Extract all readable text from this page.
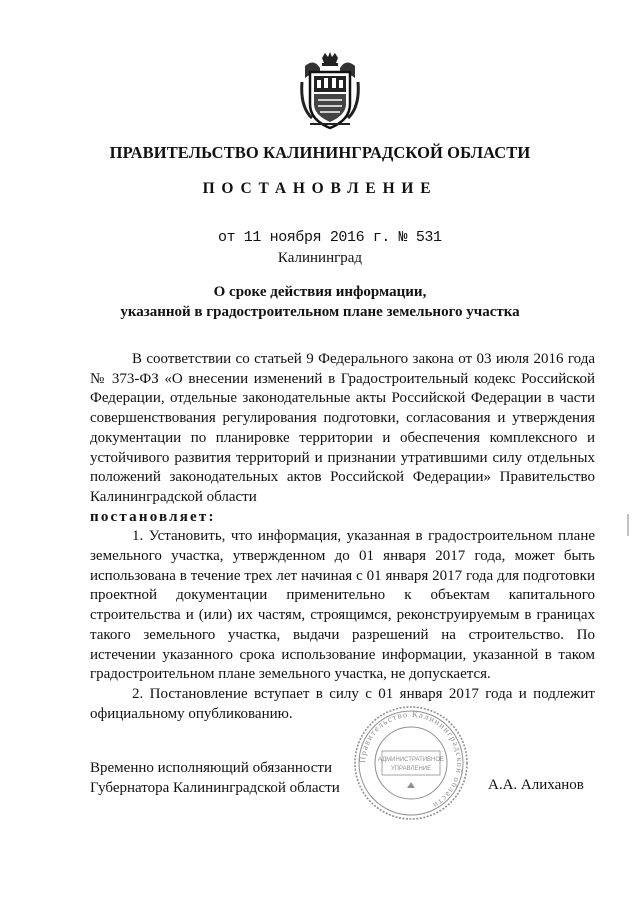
ПРАВИТЕЛЬСТВО КАЛИНИНГРАДСКОЙ ОБЛАСТИ
ПОСТАНОВЛЕНИЕ
от 11 ноября 2016 г. № 531
Калининград
О сроке действия информации,
указанной в градостроительном плане земельного участка

В соответствии со статьей 9 Федерального закона от 03 июля 2016 года № 373-ФЗ «О внесении изменений в Градостроительный кодекс Российской Федерации, отдельные законодательные акты Российской Федерации в части совершенствования регулирования подготовки, согласования и утверждения документации по планировке территории и обеспечения комплексного и устойчивого развития территорий и признании утратившими силу отдельных положений законодательных актов Российской Федерации» Правительство Калининградской области

постановляет:

1. Установить, что информация, указанная в градостроительном плане земельного участка, утвержденном до 01 января 2017 года, может быть использована в течение трех лет начиная с 01 января 2017 года для подготовки проектной документации применительно к объектам капитального строительства и (или) их частям, строящимся, реконструируемым в границах такого земельного участка, выдачи разрешений на строительство. По истечении указанного срока использование информации, указанной в таком градостроительном плане земельного участка, не допускается.

2. Постановление вступает в силу с 01 января 2017 года и подлежит официальному опубликованию.

Правительство Калининградской области
АДМИНИСТРАТИВНОЕ
УПРАВЛЕНИЕ
Временно исполняющий обязанности
Губернатора Калининградской области	А.А. Алиханов
